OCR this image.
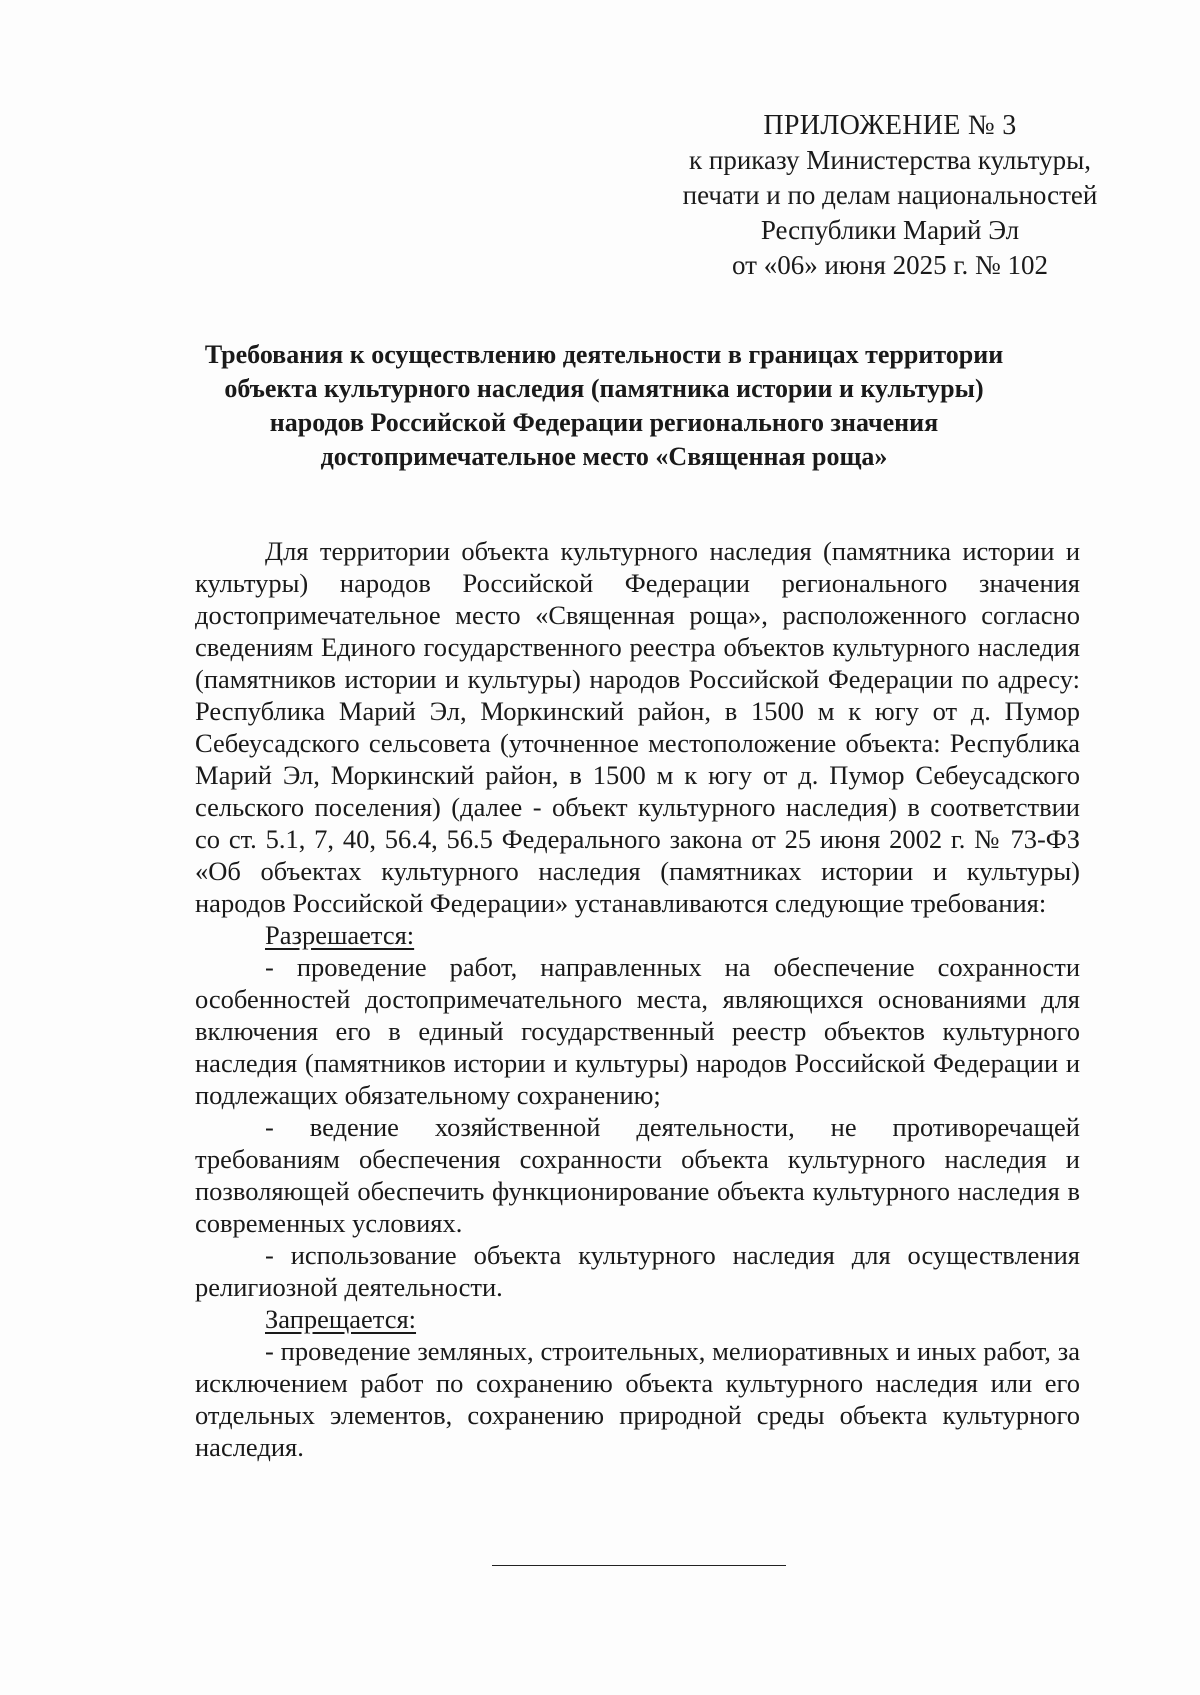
ПРИЛОЖЕНИЕ № 3
к приказу Министерства культуры,
печати и по делам национальностей
Республики Марий Эл
от «06» июня 2025 г. № 102
Требования к осуществлению деятельности в границах территории
объекта культурного наследия (памятника истории и культуры)
народов Российской Федерации регионального значения
достопримечательное место «Священная роща»

Для территории объекта культурного наследия (памятника истории и культуры) народов Российской Федерации регионального значения достопримечательное место «Священная роща», расположенного согласно сведениям Единого государственного реестра объектов культурного наследия (памятников истории и культуры) народов Российской Федерации по адресу: Республика Марий Эл, Моркинский район, в 1500 м к югу от д. Пумор Себеусадского сельсовета (уточненное местоположение объекта: Республика Марий Эл, Моркинский район, в 1500 м к югу от д. Пумор Себеусадского сельского поселения) (далее - объект культурного наследия) в соответствии со ст. 5.1, 7, 40, 56.4, 56.5 Федерального закона от 25 июня 2002 г. № 73-ФЗ «Об объектах культурного наследия (памятниках истории и культуры) народов Российской Федерации» устанавливаются следующие требования:

Разрешается:

- проведение работ, направленных на обеспечение сохранности особенностей достопримечательного места, являющихся основаниями для включения его в единый государственный реестр объектов культурного наследия (памятников истории и культуры) народов Российской Федерации и подлежащих обязательному сохранению;

- ведение хозяйственной деятельности, не противоречащей требованиям обеспечения сохранности объекта культурного наследия и позволяющей обеспечить функционирование объекта культурного наследия в современных условиях.

- использование объекта культурного наследия для осуществления религиозной деятельности.

Запрещается:

- проведение земляных, строительных, мелиоративных и иных работ, за исключением работ по сохранению объекта культурного наследия или его отдельных элементов, сохранению природной среды объекта культурного наследия.
